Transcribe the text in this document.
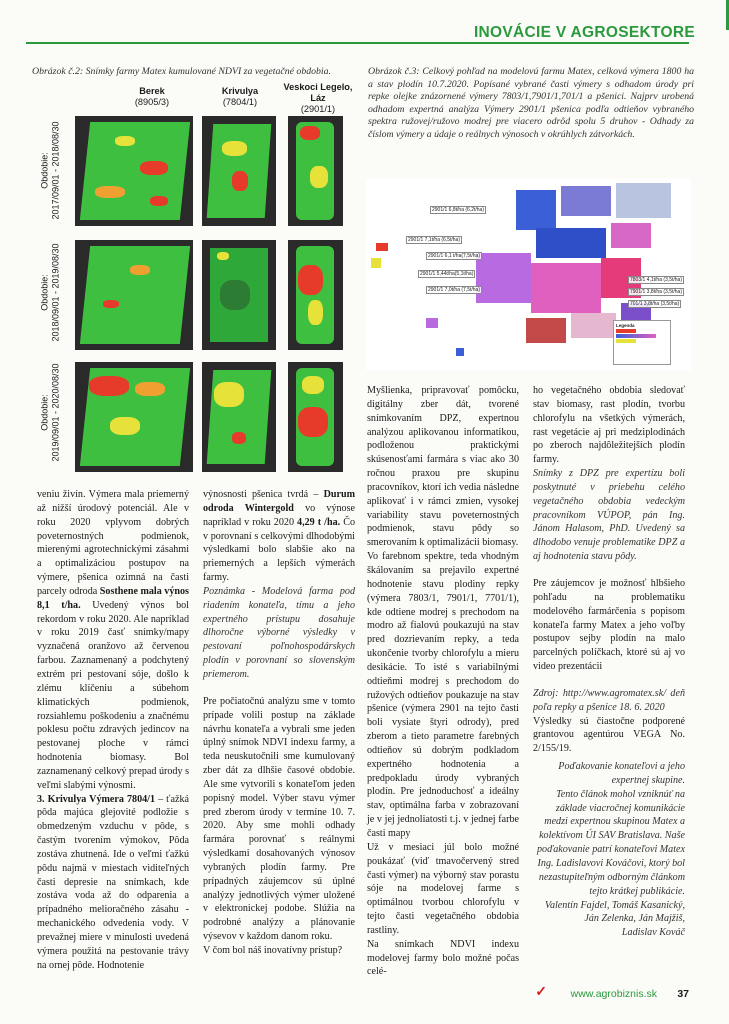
INOVÁCIE V AGROSEKTORE
Obrázok č.2: Snímky farmy Matex kumulované NDVI za vegetačné obdobia.
Berek
(8905/3)
Krivulya
(7804/1)
Veskoci Legelo, Láz
(2901/1)
Obdobie:
2017/09/01 - 2018/08/30
Obdobie:
2018/09/01 - 2019/08/30
Obdobie:
2019/09/01 - 2020/08/30
Obrázok č.3: Celkový pohľad na modelovú farmu Matex, celková výmera 1800 ha a stav plodín 10.7.2020. Popísané vybrané časti výmery s odhadom úrody pri repke olejke znázornené výmery 7803/1,7901/1,701/1 a pšenici. Najprv urobená odhadom expertná analýza Výmery 2901/1 pšenica podľa odtieňov vybraného spektra ružovej/ružovo modrej pre viacero odrôd spolu 5 druhov - Odhady za číslom výmery a údaje o reálnych výnosoch v okrúhlych zátvorkách.
2901/1 6,8t/ha (6,2t/ha)
2901/1 7,1t/ha (6,5t/ha)
2901/1 6,1 t/ha(7,5t/ha)
2901/1 5,44t/ha(5,1t/ha)
2901/1 7,0t/ha (7,5t/ha)
7803/1 4,1t/ha (3,5t/ha)
7901/1 3,8t/ha (3,5t/ha)
701/1 3,8t/ha (3,5t/ha)
Legenda

veniu živín. Výmera mala priemerný až nižší úrodový potenciál. Ale v roku 2020 vplyvom dobrých poveternostných podmienok, mierenými agrotechnickými zásahmi a optimalizáciou postupov na výmere, pšenica ozimná na časti parcely odroda Sosthene mala výnos 8,1 t/ha. Uvedený výnos bol rekordom v roku 2020. Ale napríklad v roku 2019 časť snímky/mapy vyznačená oranžovo až červenou farbou. Zaznamenaný a podchytený extrém pri pestovaní sóje, došlo k zlému klíčeniu a súbehom klimatických podmienok, rozsiahlemu poškodeniu a značnému poklesu počtu zdravých jedincov na pestovanej ploche v rámci hodnotenia biomasy. Bol zaznamenaný celkový prepad úrody s veľmi slabými výnosmi.

3. Krivulya Výmera 7804/1 – ťažká pôda majúca glejovité podložie s obmedzeným vzduchu v pôde, s častým tvorením výmokov, Pôda zostáva zhutnená. Ide o veľmi ťažkú pôdu najmä v miestach viditeľných časti depresie na snímkach, kde zostáva voda až do odparenia a prípadného melioračného zásahu - mechanického odvedenia vody. V prevažnej miere v minulosti uvedená výmera použitá na pestovanie trávy na ornej pôde. Hodnotenie

výnosnosti pšenica tvrdá – Durum odroda Wintergold vo výnose napríklad v roku 2020 4,29 t /ha. Čo v porovnaní s celkovými dlhodobými výsledkami bolo slabšie ako na priemerných a lepších výmerách farmy.

Poznámka - Modelová farma pod riadením konateľa, tímu a jeho expertného prístupu dosahuje dlhoročne výborné výsledky v pestovaní poľnohospodárskych plodín v porovnaní so slovenským priemerom.

Pre počiatočnú analýzu sme v tomto prípade volili postup na základe návrhu konateľa a vybrali sme jeden úplný snímok NDVI indexu farmy, a teda neuskutočnili sme kumulovaný zber dát za dlhšie časové obdobie. Ale sme vytvorili s konateľom jeden popisný model. Výber stavu výmer pred zberom úrody v termíne 10. 7. 2020. Aby sme mohli odhady farmára porovnať s reálnymi výsledkami dosahovaných výnosov vybraných plodín farmy. Pre prípadných záujemcov sú úplné analýzy jednotlivých výmer uložené v elektronickej podobe. Slúžia na podrobné analýzy a plánovanie výsevov v každom danom roku.

V čom bol náš inovatívny prístup?

Myšlienka, pripravovať pomôcku, digitálny zber dát, tvorené snímkovaním DPZ, expertnou analýzou aplikovanou informatikou, podloženou praktickými skúsenosťami farmára s viac ako 30 ročnou praxou pre skupinu pracovníkov, ktorí ich vedia následne aplikovať i v rámci zmien, vysokej variability stavu poveternostných podmienok, stavu pôdy so smerovaním k optimalizácii biomasy.

Vo farebnom spektre, teda vhodným škálovaním sa prejavilo expertné hodnotenie stavu plodiny repky (výmera 7803/1, 7901/1, 7701/1), kde odtiene modrej s prechodom na modro až fialovú poukazujú na stav pred dozrievaním repky, a teda ukončenie tvorby chlorofylu a mieru desikácie. To isté s variabilnými odtieňmi modrej s prechodom do ružových odtieňov poukazuje na stav pšenice (výmera 2901 na tejto časti boli vysiate štyri odrody), pred zberom a tieto parametre farebných odtieňov sú dobrým podkladom expertného hodnotenia a predpokladu úrody vybraných plodín. Pre jednoduchosť a ideálny stav, optimálna farba v zobrazovaní je v jej jednoliatosti t.j. v jednej farbe časti mapy

Už v mesiaci júl bolo možné poukázať (viď tmavočervený stred časti výmer) na výborný stav porastu sóje na modelovej farme s optimálnou tvorbou chlorofylu v tejto časti vegetačného obdobia rastliny.

Na snímkach NDVI indexu modelovej farmy bolo možné počas celé-

ho vegetačného obdobia sledovať stav biomasy, rast plodín, tvorbu chlorofylu na všetkých výmerách, rast vegetácie aj pri medziplodinách po zberoch najdôležitejších plodín farmy.

Snímky z DPZ pre expertízu boli poskytnuté v priebehu celého vegetačného obdobia vedeckým pracovníkom VÚPOP, pán Ing. Jánom Halasom, PhD. Uvedený sa dlhodobo venuje problematike DPZ a aj hodnotenia stavu pôdy.

Pre záujemcov je možnosť hlbšieho pohľadu na problematiku modelového farmárčenia s popisom konateľa farmy Matex a jeho voľby postupov sejby plodín na malo parcelných políčkach, ktoré sú aj vo video prezentácii

Zdroj: http://www.agromatex.sk/ deň poľa repky a pšenice 18. 6. 2020

Výsledky sú čiastočne podporené grantovou agentúrou VEGA No. 2/155/19.

Poďakovanie konateľovi a jeho expertnej skupine.

Tento článok mohol vzniknúť na základe viacročnej komunikácie medzi expertnou skupinou Matex a kolektívom ÚI SAV Bratislava. Naše poďakovanie patrí konateľovi Matex Ing. Ladislavovi Kováčovi, ktorý bol nezastupiteľným odborným článkom tejto krátkej publikácie.

Valentín Fajdel, Tomáš Kasanický,

Ján Zelenka, Ján Majžiš,

Ladislav Kováč

✓ www.agrobiznis.sk 37
